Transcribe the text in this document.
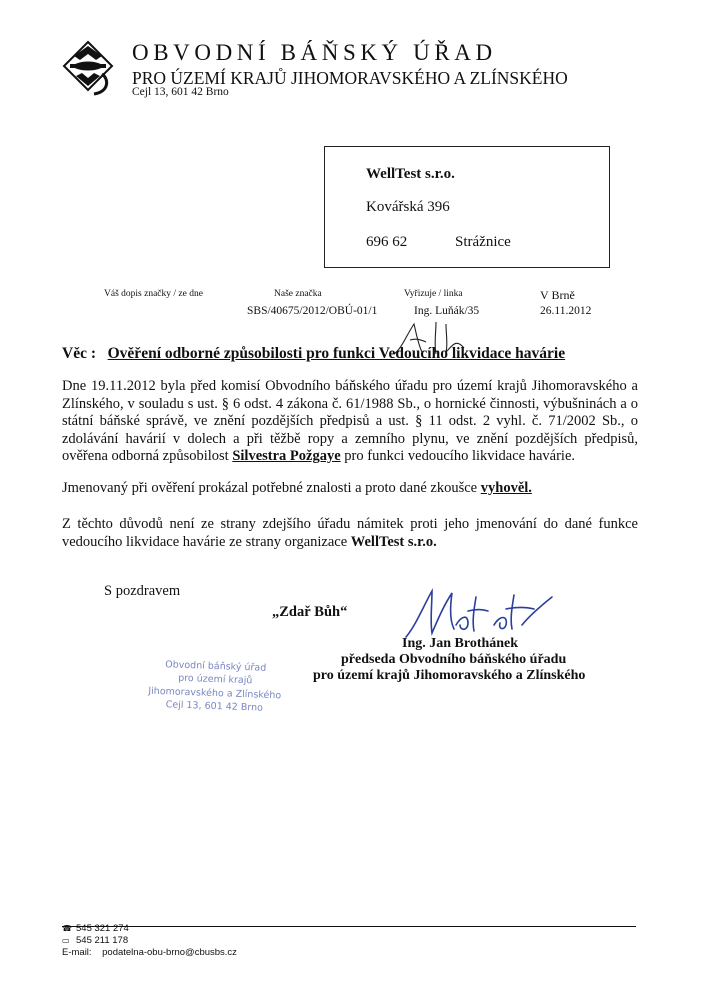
OBVODNÍ BÁŇSKÝ ÚŘAD
PRO ÚZEMÍ KRAJŮ JIHOMORAVSKÉHO A ZLÍNSKÉHO
Cejl 13, 601 42 Brno
WellTest s.r.o.
Kovářská 396
696 62	Strážnice
Váš dopis značky / ze dne	Naše značka
SBS/40675/2012/OBÚ-01/1
Vyřizuje / linka
Ing. Luňák/35
V Brně
26.11.2012
Věc : Ověření odborné způsobilosti pro funkci Vedoucího likvidace havárie
Dne 19.11.2012 byla před komisí Obvodního báňského úřadu pro území krajů Jihomoravského a Zlínského, v souladu s ust. § 6 odst. 4 zákona č. 61/1988 Sb., o hornické činnosti, výbušninách a o státní báňské správě, ve znění pozdějších předpisů a ust. § 11 odst. 2 vyhl. č. 71/2002 Sb., o zdolávání havárií v dolech a při těžbě ropy a zemního plynu, ve znění pozdějších předpisů, ověřena odborná způsobilost Silvestra Požgaye pro funkci vedoucího likvidace havárie.
Jmenovaný při ověření prokázal potřebné znalosti a proto dané zkoušce vyhověl.
Z těchto důvodů není ze strany zdejšího úřadu námitek proti jeho jmenování do dané funkce vedoucího likvidace havárie ze strany organizace WellTest s.r.o.
S pozdravem
„Zdař Bůh“
Ing. Jan Brothánek
předseda Obvodního báňského úřadu
pro území krajů Jihomoravského a Zlínského
Obvodní báňský úřad
pro území krajů
Jihomoravského a Zlínského
Cejl 13, 601 42 Brno
☎ 545 321 274
▭ 545 211 178
E-mail: podatelna-obu-brno@cbusbs.cz
